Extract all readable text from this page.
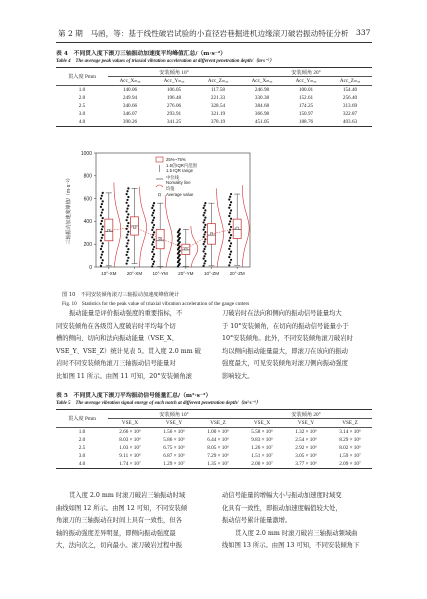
第 2 期　马函，等：基于线性破岩试验的小直径岩巷掘进机边缘滚刀破岩振动特征分析 337
表 4　不同贯入度下滚刀三轴振动加速度平均峰值汇总/（m·s⁻²）
Table 4　The average peak values of triaxial vibration acceleration at different penetration depth/（m·s⁻²）
贯入度 Pmm	安装倾角 10°			安装倾角 20°		
	Acc_Xₘₐₓ	Acc_Yₘₐₓ	Acc_Zₘₐₓ	Acc_Xₘₐₓ	Acc_Yₘₐₓ	Acc_Zₘₐₓ
1.0	140.06	106.05	117.58	246.98	100.01	154.40
2.0	249.94	196.48	221.33	330.38	152.61	256.40
2.5	340.66	276.06	328.54	384.68	174.25	313.69
3.0	346.07	293.91	321.19	366.98	150.97	322.87
4.0	390.26	341.25	378.19	451.05	188.76	403.63
0
200
400
600
800
1000
三轴振动加速度峰值/（m·s⁻²）
10°-XM 20°-XM 10°-YM 20°-YM 10°-ZM 20°-ZM
25%~75%
1.5倍IQR内范围
1.5 IQR range
中位线
Nomality line
均值
Average value
图 10　不同安装倾角滚刀三轴振动加速度峰值统计
Fig. 10　Statistics for the peak value of triaxial vibration acceleration of the gauge cutters
振动能量是评价振动强度的重要指标，不
同安装倾角在各级贯入度破岩时平均每个切
槽的侧向、切向和法向振动能量（VSE_X、
VSE_Y、VSE_Z）统计见表 5。贯入度 2.0 mm 破
岩时不同安装倾角滚刀三轴振动信号能量对
比如图 11 所示。由图 11 可知，20°安装倾角滚
刀破岩时在法向和侧向的振动信号能量均大
于 10°安装倾角，在切向的振动信号能量小于
10°安装倾角。此外，不同安装倾角滚刀破岩时
均以侧向振动能量最大，即滚刀在该向的振动
强度最大，可见安装倾角对滚刀侧向振动强度
影响较大。
表 5　不同贯入度下滚刀平均振动信号能量汇总/（m²·s⁻³）
Table 5　The average vibration signal energy of each notch at different penetration depth/（m²·s⁻³）
贯入度 Pmm	安装倾角 10°			安装倾角 20°		
	VSE_X	VSE_Y	VSE_Z	VSE_X	VSE_Y	VSE_Z
1.0	2.66 × 10⁶	1.56 × 10⁶	1.00 × 10⁶	5.58 × 10⁶	1.32 × 10⁶	3.14 × 10⁶
2.0	8.03 × 10⁶	5.86 × 10⁶	6.44 × 10⁶	9.83 × 10⁶	2.54 × 10⁶	8.29 × 10⁶
2.5	1.03 × 10⁷	6.75 × 10⁶	8.05 × 10⁶	1.26 × 10⁷	2.92 × 10⁶	8.02 × 10⁶
3.0	9.11 × 10⁶	6.87 × 10⁶	7.29 × 10⁶	1.51 × 10⁷	3.05 × 10⁶	1.59 × 10⁷
4.0	1.74 × 10⁷	1.29 × 10⁷	1.35 × 10⁷	2.00 × 10⁷	3.77 × 10⁶	2.09 × 10⁷
贯入度 2.0 mm 时滚刀破岩三轴振动时域
曲线如图 12 所示。由图 12 可知，不同安装倾
角滚刀的三轴振动在时间上具有一致性，但各
轴的振动强度差异明显，即侧向振动强度最
大，法向次之，切向最小。滚刀破岩过程中振
动信号能量的增幅大小与振动加速度时域变
化具有一致性，即振动加速度幅值较大处，
振动信号累计能量激增。
贯入度 2.0 mm 时滚刀破岩三轴振动频域曲
线如图 13 所示。由图 13 可知，不同安装倾角下
